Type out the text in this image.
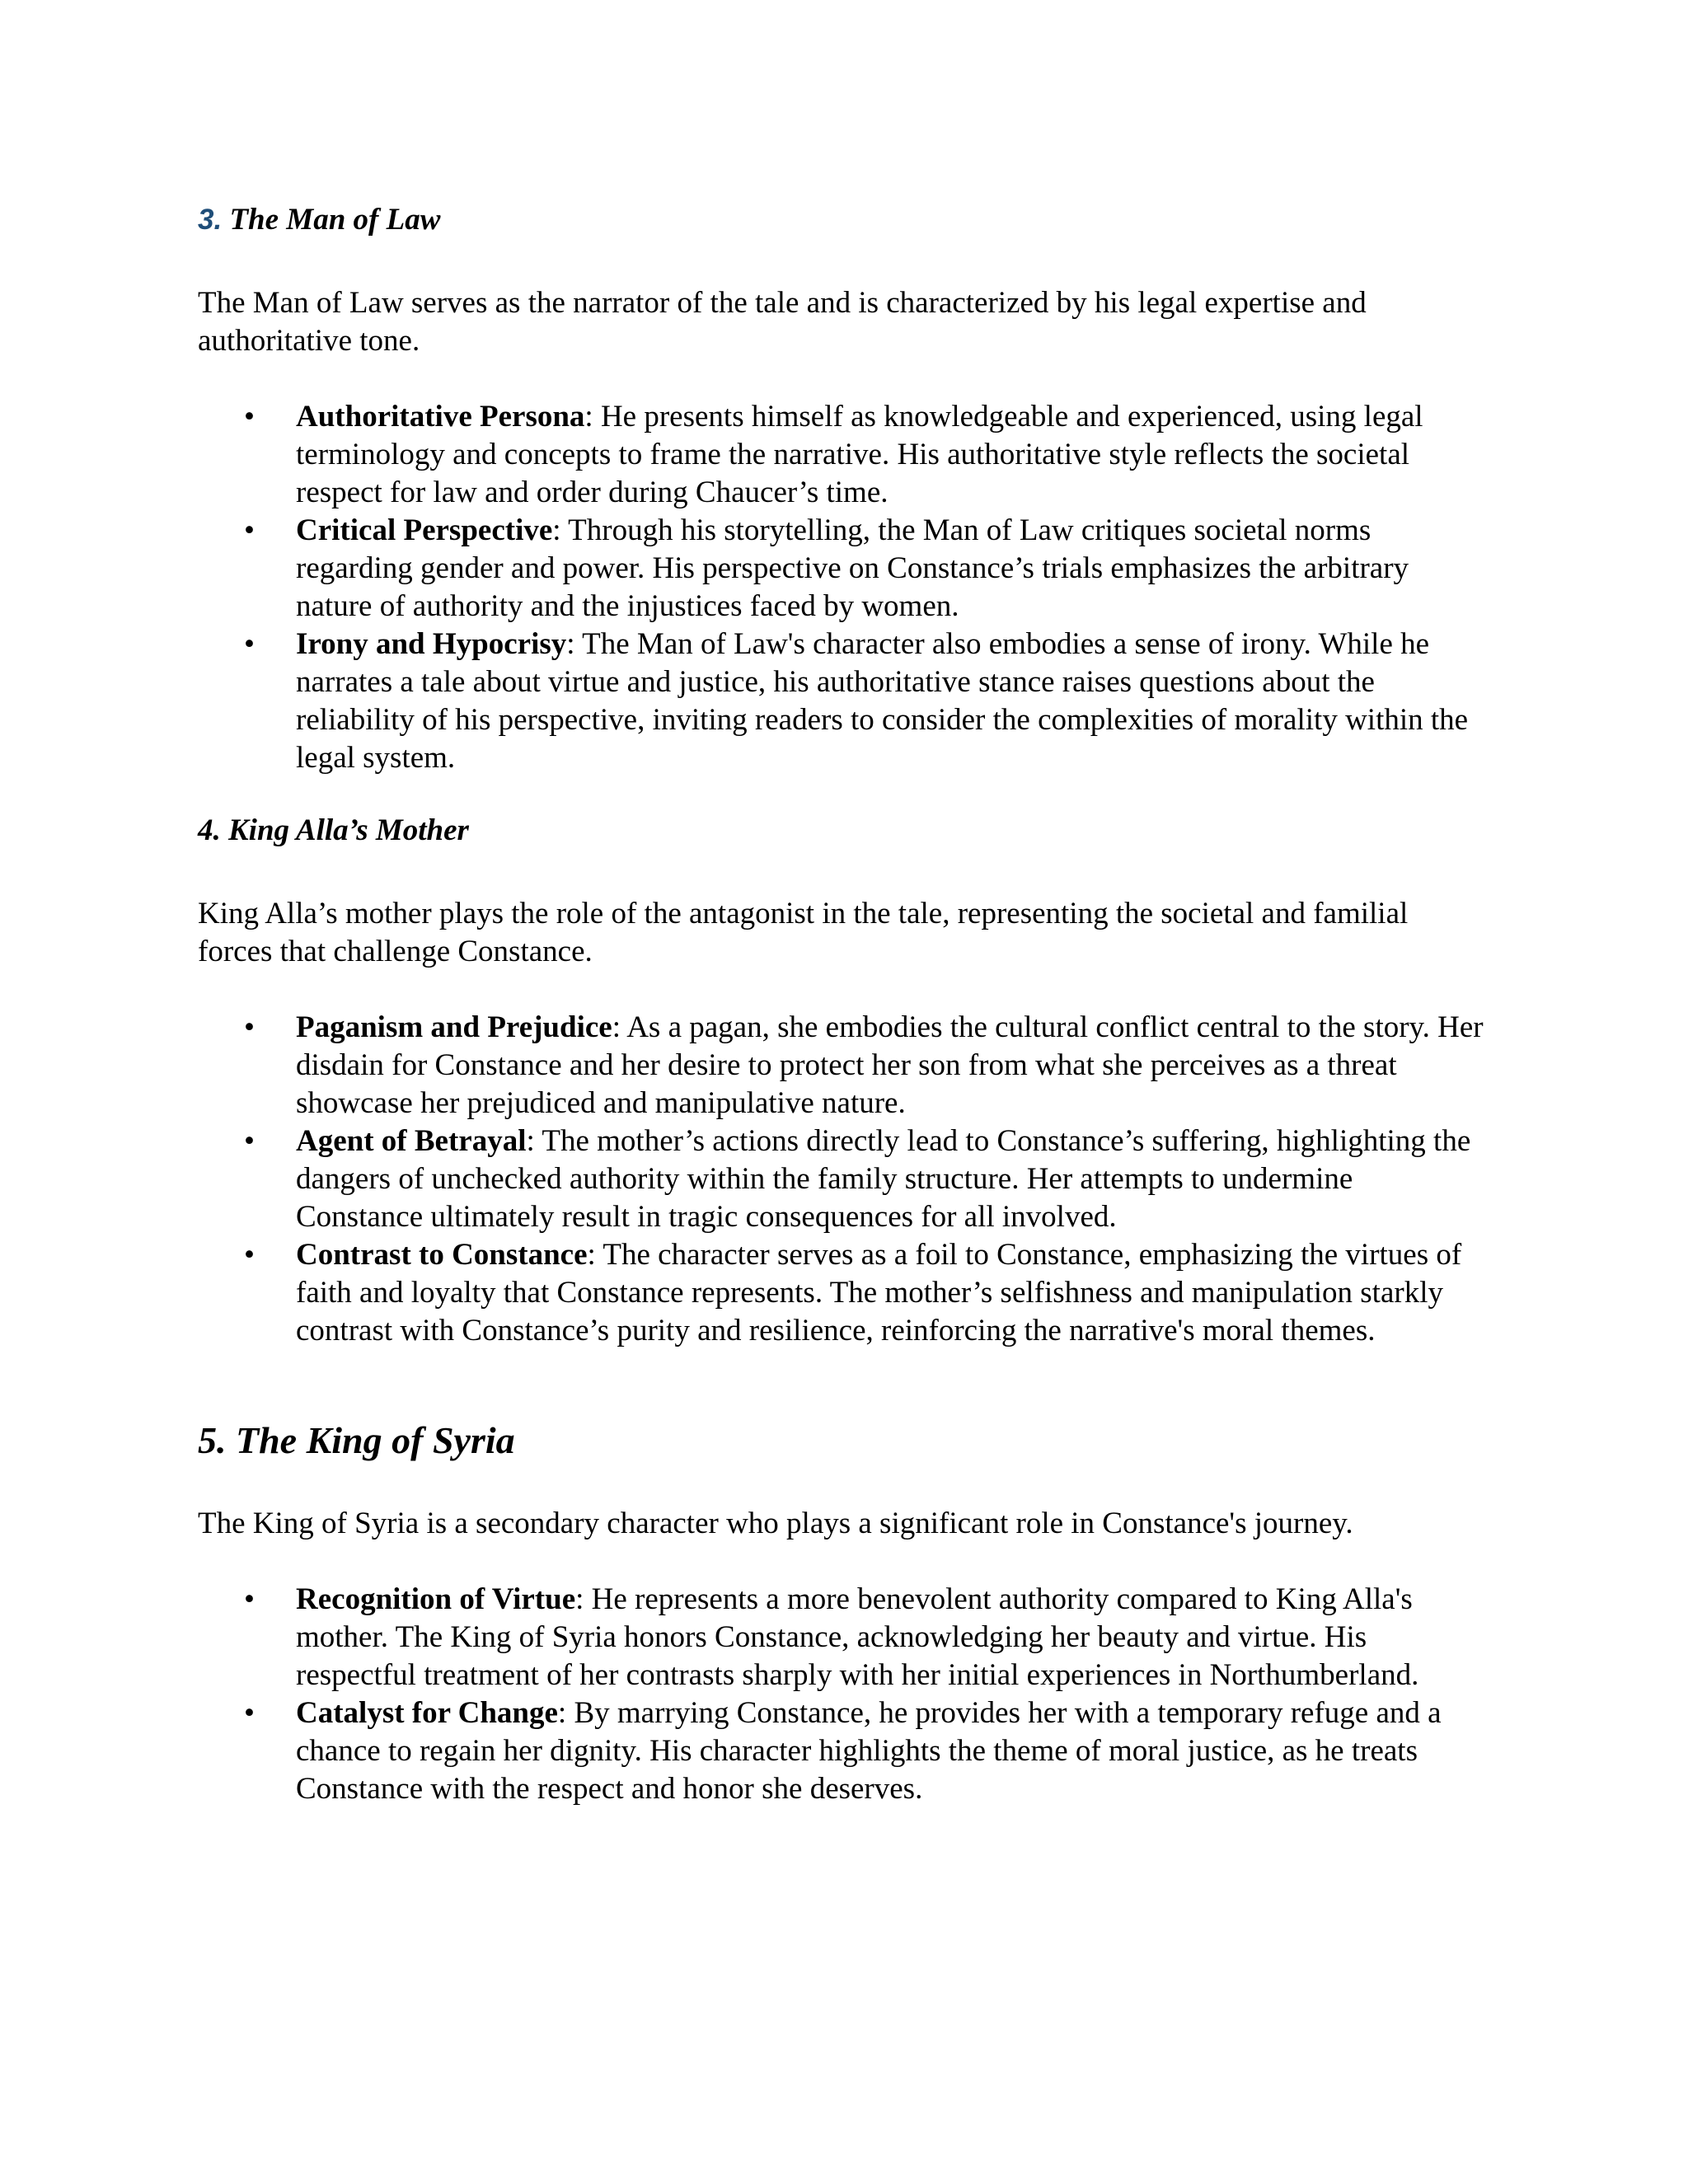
3. The Man of Law

The Man of Law serves as the narrator of the tale and is characterized by his legal expertise and authoritative tone.

• Authoritative Persona: He presents himself as knowledgeable and experienced, using legal terminology and concepts to frame the narrative. His authoritative style reflects the societal respect for law and order during Chaucer’s time.
• Critical Perspective: Through his storytelling, the Man of Law critiques societal norms regarding gender and power. His perspective on Constance’s trials emphasizes the arbitrary nature of authority and the injustices faced by women.
• Irony and Hypocrisy: The Man of Law's character also embodies a sense of irony. While he narrates a tale about virtue and justice, his authoritative stance raises questions about the reliability of his perspective, inviting readers to consider the complexities of morality within the legal system.
4. King Alla’s Mother

King Alla’s mother plays the role of the antagonist in the tale, representing the societal and familial forces that challenge Constance.

• Paganism and Prejudice: As a pagan, she embodies the cultural conflict central to the story. Her disdain for Constance and her desire to protect her son from what she perceives as a threat showcase her prejudiced and manipulative nature.
• Agent of Betrayal: The mother’s actions directly lead to Constance’s suffering, highlighting the dangers of unchecked authority within the family structure. Her attempts to undermine Constance ultimately result in tragic consequences for all involved.
• Contrast to Constance: The character serves as a foil to Constance, emphasizing the virtues of faith and loyalty that Constance represents. The mother’s selfishness and manipulation starkly contrast with Constance’s purity and resilience, reinforcing the narrative's moral themes.
5. The King of Syria

The King of Syria is a secondary character who plays a significant role in Constance's journey.

• Recognition of Virtue: He represents a more benevolent authority compared to King Alla's mother. The King of Syria honors Constance, acknowledging her beauty and virtue. His respectful treatment of her contrasts sharply with her initial experiences in Northumberland.
• Catalyst for Change: By marrying Constance, he provides her with a temporary refuge and a chance to regain her dignity. His character highlights the theme of moral justice, as he treats Constance with the respect and honor she deserves.
